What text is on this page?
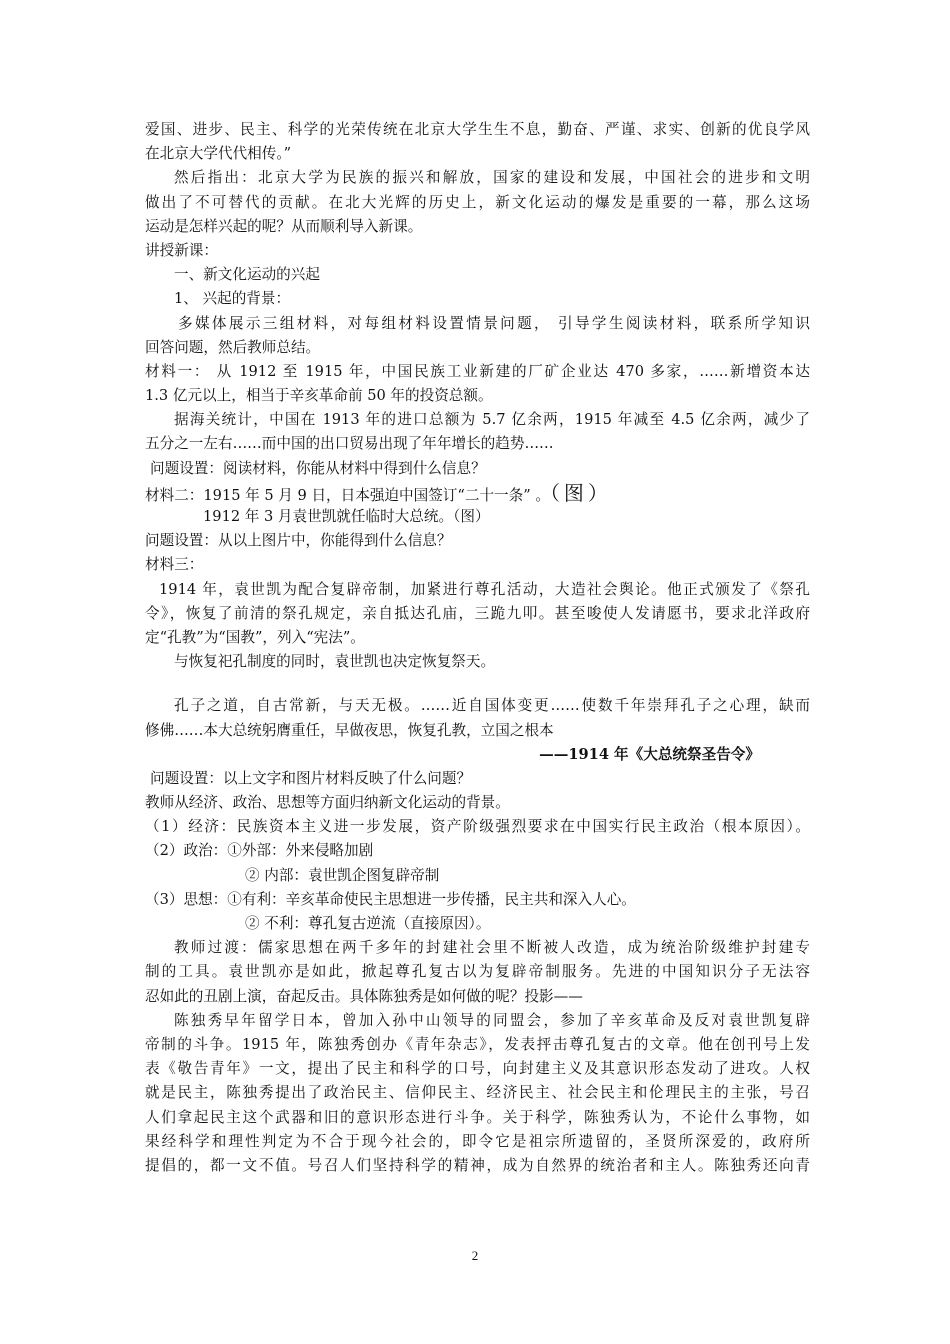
爱国、进步、民主、科学的光荣传统在北京大学生生不息，勤奋、严谨、求实、创新的优良学风
在北京大学代代相传。”
然后指出：北京大学为民族的振兴和解放，国家的建设和发展，中国社会的进步和文明
做出了不可替代的贡献。在北大光辉的历史上，新文化运动的爆发是重要的一幕，那么这场
运动是怎样兴起的呢？从而顺利导入新课。
讲授新课：
一、新文化运动的兴起
1、 兴起的背景：
多媒体展示三组材料，对每组材料设置情景问题， 引导学生阅读材料，联系所学知识
回答问题，然后教师总结。
材料一： 从 1912 至 1915 年，中国民族工业新建的厂矿企业达 470 多家，……新增资本达
1.3 亿元以上，相当于辛亥革命前 50 年的投资总额。
据海关统计，中国在 1913 年的进口总额为 5.7 亿余两，1915 年减至 4.5 亿余两，减少了
五分之一左右……而中国的出口贸易出现了年年增长的趋势……
问题设置：阅读材料，你能从材料中得到什么信息？
材料二：1915 年 5 月 9 日，日本强迫中国签订“二十一条” 。（图）
1912 年 3 月袁世凯就任临时大总统。（图）
问题设置：从以上图片中，你能得到什么信息？
材料三：
1914 年，袁世凯为配合复辟帝制，加紧进行尊孔活动，大造社会舆论。他正式颁发了《祭孔
令》，恢复了前清的祭孔规定，亲自抵达孔庙，三跪九叩。甚至唆使人发请愿书，要求北洋政府
定“孔教”为“国教”，列入“宪法”。
与恢复祀孔制度的同时，袁世凯也决定恢复祭天。
孔子之道，自古常新，与天无极。……近自国体变更……使数千年崇拜孔子之心理，缺而
修佛……本大总统躬膺重任，早做夜思，恢复孔教，立国之根本
——1914 年《大总统祭圣告令》
问题设置：以上文字和图片材料反映了什么问题？
教师从经济、政治、思想等方面归纳新文化运动的背景。
（1）经济：民族资本主义进一步发展，资产阶级强烈要求在中国实行民主政治（根本原因）。
（2）政治：①外部：外来侵略加剧
② 内部：袁世凯企图复辟帝制
（3）思想：①有利：辛亥革命使民主思想进一步传播，民主共和深入人心。
② 不利：尊孔复古逆流（直接原因）。
教师过渡：儒家思想在两千多年的封建社会里不断被人改造，成为统治阶级维护封建专
制的工具。袁世凯亦是如此，掀起尊孔复古以为复辟帝制服务。先进的中国知识分子无法容
忍如此的丑剧上演，奋起反击。具体陈独秀是如何做的呢？投影——
陈独秀早年留学日本，曾加入孙中山领导的同盟会，参加了辛亥革命及反对袁世凯复辟
帝制的斗争。1915 年，陈独秀创办《青年杂志》，发表抨击尊孔复古的文章。他在创刊号上发
表《敬告青年》一文，提出了民主和科学的口号，向封建主义及其意识形态发动了进攻。人权
就是民主，陈独秀提出了政治民主、信仰民主、经济民主、社会民主和伦理民主的主张，号召
人们拿起民主这个武器和旧的意识形态进行斗争。关于科学，陈独秀认为，不论什么事物，如
果经科学和理性判定为不合于现今社会的，即令它是祖宗所遗留的，圣贤所深爱的，政府所
提倡的，都一文不值。号召人们坚持科学的精神，成为自然界的统治者和主人。陈独秀还向青
2
